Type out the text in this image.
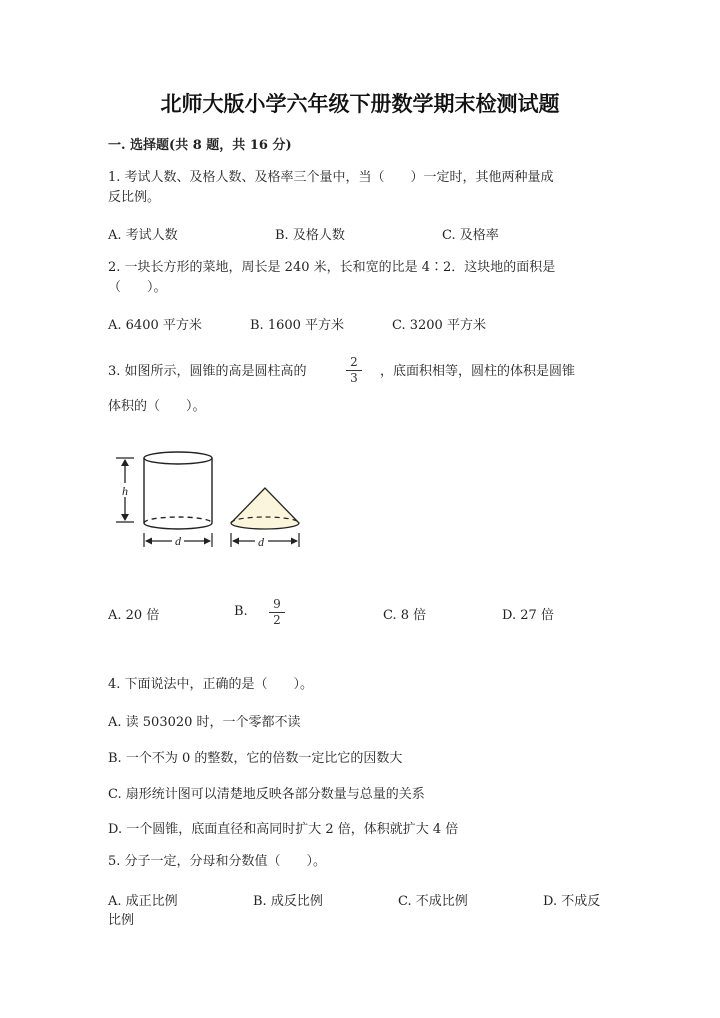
北师大版小学六年级下册数学期末检测试题
一. 选择题(共 8 题，共 16 分)
1. 考试人数、及格人数、及格率三个量中，当（　　）一定时，其他两种量成
反比例。
A. 考试人数	B. 及格人数	C. 及格率
2. 一块长方形的菜地，周长是 240 米，长和宽的比是 4∶2．这块地的面积是
（　　）。
A. 6400 平方米	B. 1600 平方米	C. 3200 平方米
3. 如图所示，圆锥的高是圆柱高的
2
3	，底面积相等，圆柱的体积是圆锥
体积的（　　）。
h
d	d
A. 20 倍	B.	9
2	C. 8 倍	D. 27 倍
4. 下面说法中，正确的是（　　）。
A. 读 503020 时，一个零都不读
B. 一个不为 0 的整数，它的倍数一定比它的因数大
C. 扇形统计图可以清楚地反映各部分数量与总量的关系
D. 一个圆锥，底面直径和高同时扩大 2 倍，体积就扩大 4 倍
5. 分子一定，分母和分数值（　　）。
A. 成正比例	B. 成反比例	C. 不成比例	D. 不成反
比例
